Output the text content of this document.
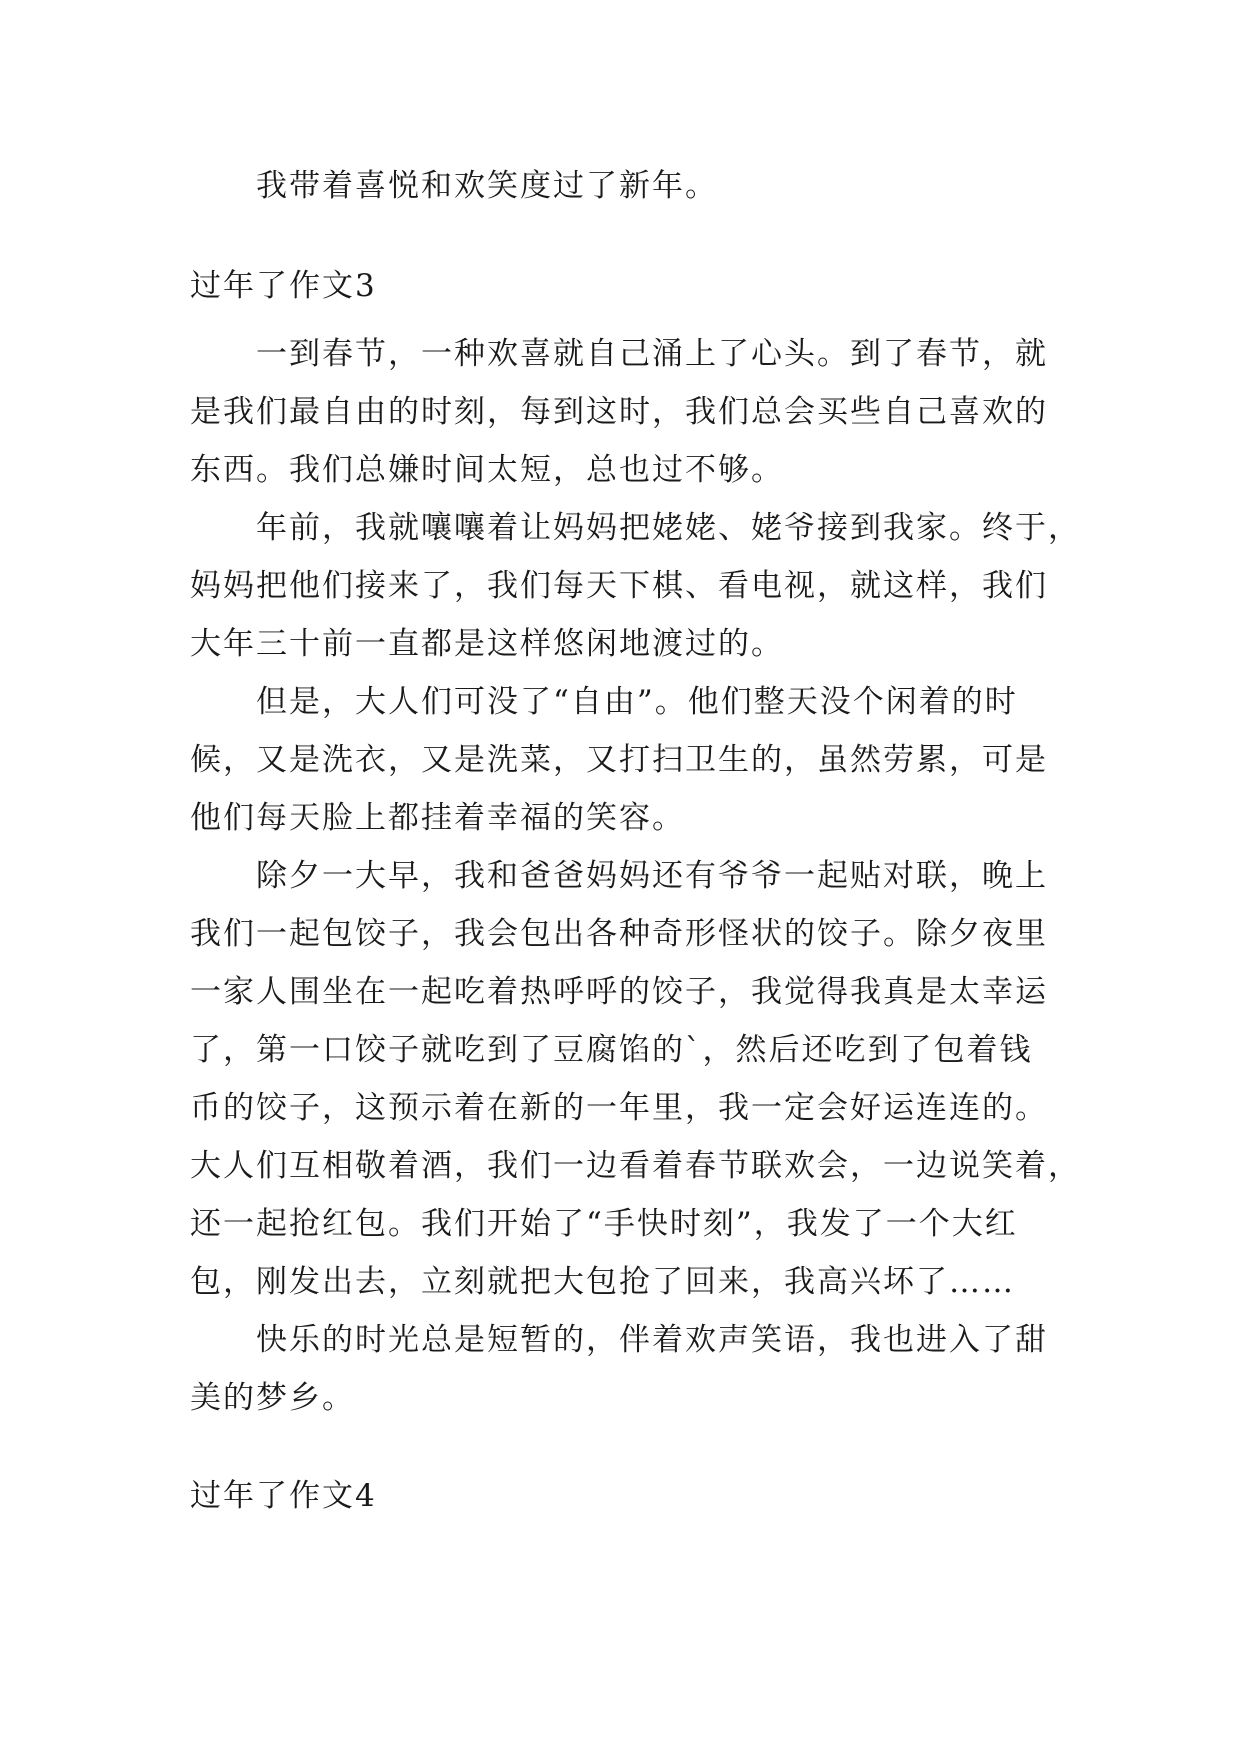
我带着喜悦和欢笑度过了新年。
过年了作文3
一到春节，一种欢喜就自己涌上了心头。到了春节，就
是我们最自由的时刻，每到这时，我们总会买些自己喜欢的
东西。我们总嫌时间太短，总也过不够。
年前，我就嚷嚷着让妈妈把姥姥、姥爷接到我家。终于，
妈妈把他们接来了，我们每天下棋、看电视，就这样，我们
大年三十前一直都是这样悠闲地渡过的。
但是，大人们可没了“自由”。他们整天没个闲着的时
候，又是洗衣，又是洗菜，又打扫卫生的，虽然劳累，可是
他们每天脸上都挂着幸福的笑容。
除夕一大早，我和爸爸妈妈还有爷爷一起贴对联，晚上
我们一起包饺子，我会包出各种奇形怪状的饺子。除夕夜里
一家人围坐在一起吃着热呼呼的饺子，我觉得我真是太幸运
了，第一口饺子就吃到了豆腐馅的`，然后还吃到了包着钱
币的饺子，这预示着在新的一年里，我一定会好运连连的。
大人们互相敬着酒，我们一边看着春节联欢会，一边说笑着，
还一起抢红包。我们开始了“手快时刻”，我发了一个大红
包，刚发出去，立刻就把大包抢了回来，我高兴坏了……
快乐的时光总是短暂的，伴着欢声笑语，我也进入了甜
美的梦乡。
过年了作文4
